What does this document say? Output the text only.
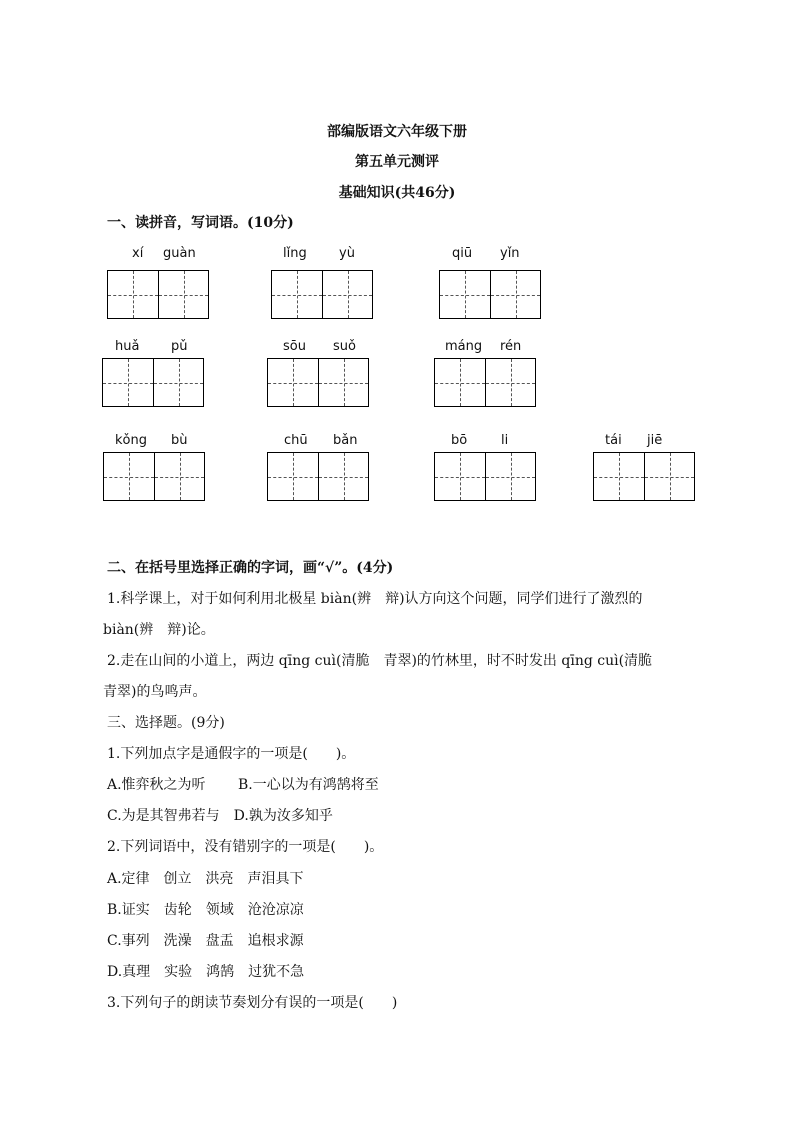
部编版语文六年级下册
第五单元测评
基础知识(共46分)
一、读拼音，写词语。(10分)
xí guàn	lǐng yù	qiū yǐn
huǎ pǔ	sōu suǒ	máng rén
kǒng bù	chū bǎn	bō	li	tái jiē
二、在括号里选择正确的字词，画“√”。(4分)
1.科学课上，对于如何利用北极星 biàn(辨　辩)认方向这个问题，同学们进行了激烈的
biàn(辨　辩)论。
2.走在山间的小道上，两边 qīng cuì(清脆　青翠)的竹林里，时不时发出 qīng cuì(清脆
青翠)的鸟鸣声。
三、选择题。(9分)
1.下列加点字是通假字的一项是(　　)。
A.惟弈秋之为听　　 B.一心以为有鸿鹄将至
C.为是其智弗若与　D.孰为汝多知乎
2.下列词语中，没有错别字的一项是(　　)。
A.定律　创立　洪亮　声泪具下
B.证实　齿轮　领域　沧沧凉凉
C.事列　洗澡　盘盂　追根求源
D.真理　实验　鸿鹄　过犹不急
3.下列句子的朗读节奏划分有误的一项是(　　)
